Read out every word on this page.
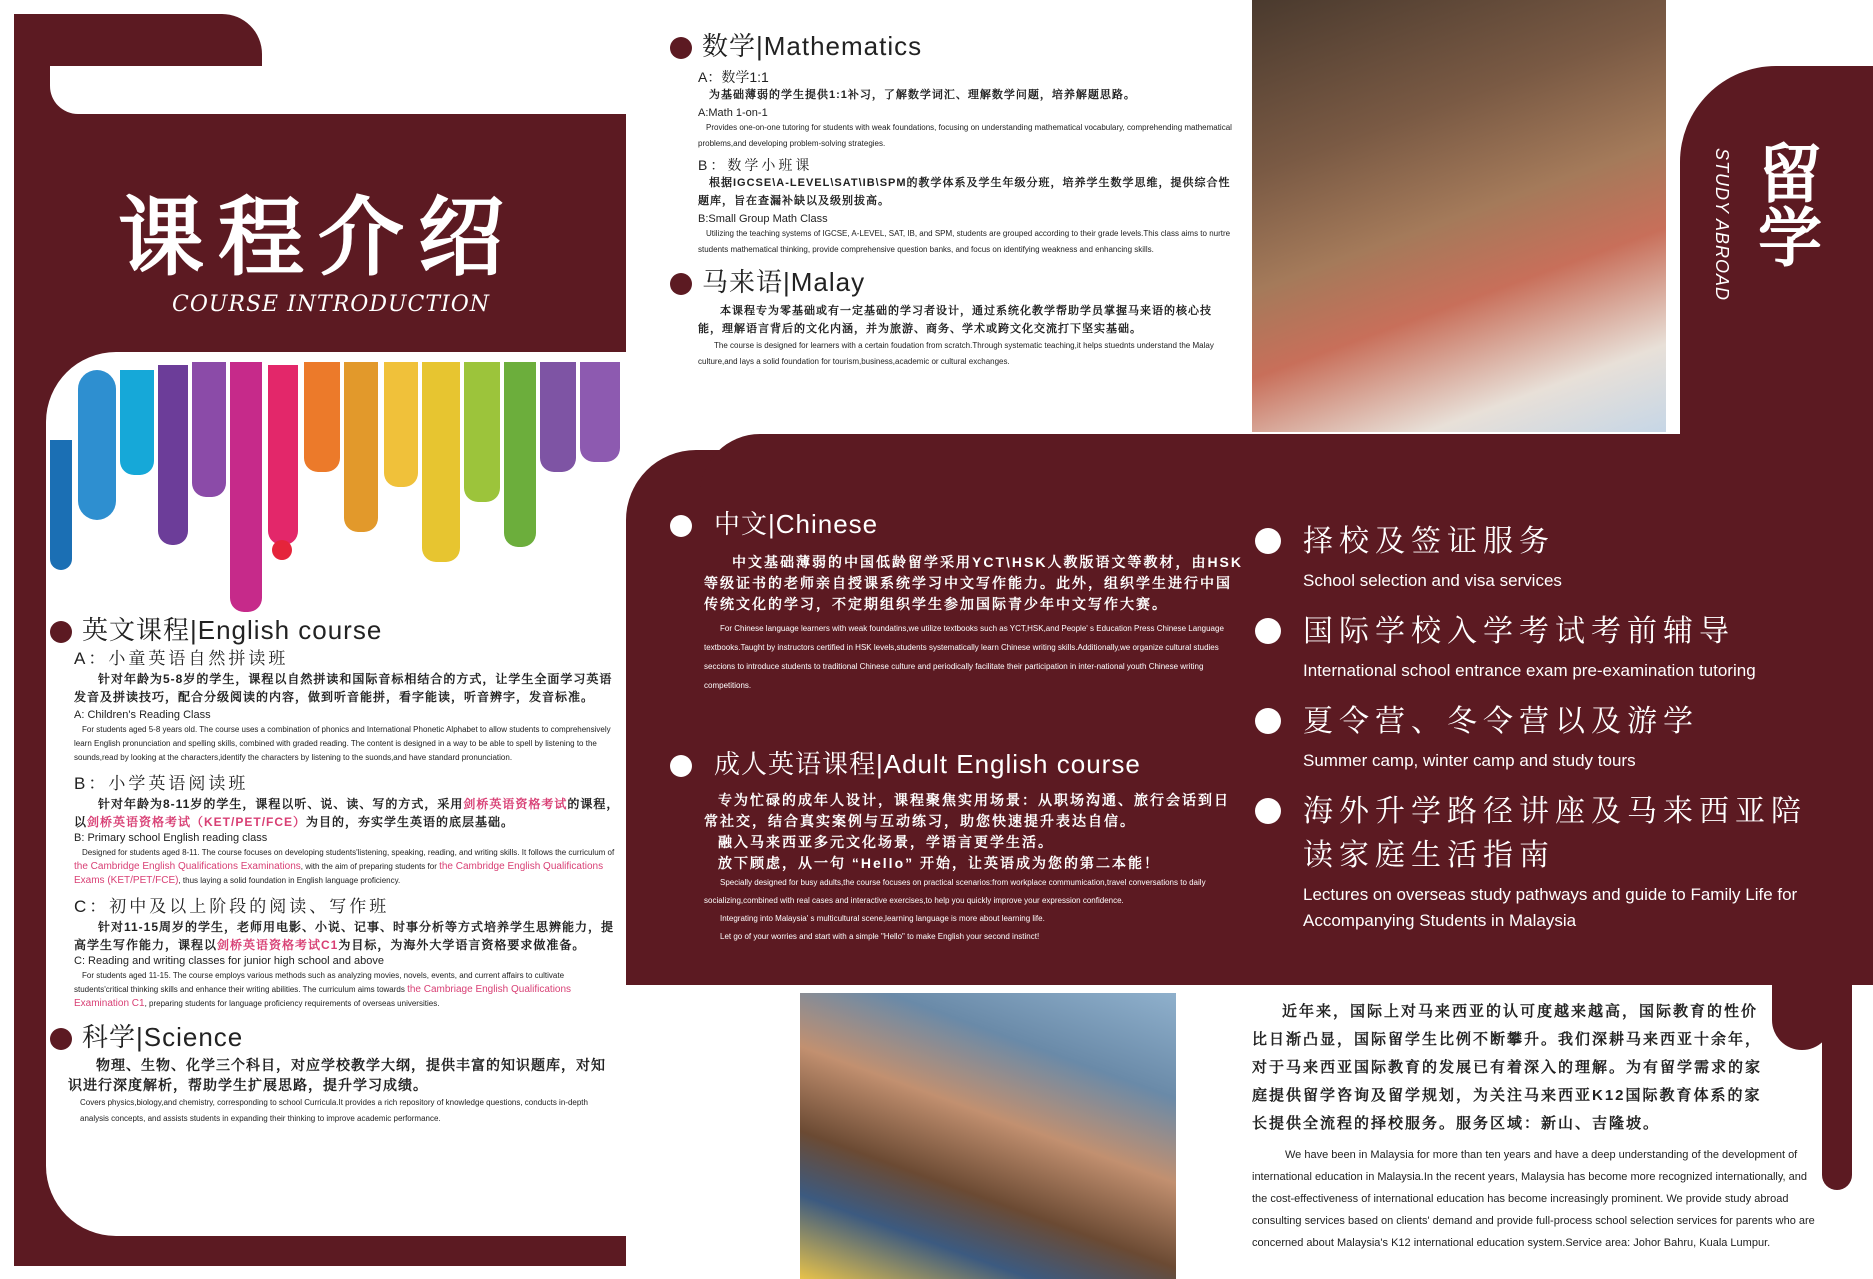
课程介绍
COURSE INTRODUCTION
英文课程|English course
A：小童英语自然拼读班
针对年龄为5-8岁的学生，课程以自然拼读和国际音标相结合的方式，让学生全面学习英语发音及拼读技巧，配合分级阅读的内容，做到听音能拼，看字能读，听音辨字，发音标准。
A: Children's Reading Class
For students aged 5-8 years old. The course uses a combination of phonics and International Phonetic Alphabet to allow students to comprehensively learn English pronunciation and spelling skills, combined with graded reading. The content is designed in a way to be able to spell by listening to the sounds,read by looking at the characters,identify the characters by listening to the suonds,and have standard pronunciation.
B：小学英语阅读班
针对年龄为8-11岁的学生，课程以听、说、读、写的方式，采用剑桥英语资格考试的课程，以剑桥英语资格考试（KET/PET/FCE）为目的，夯实学生英语的底层基础。
B: Primary school English reading class
Designed for students aged 8-11. The course focuses on developing students'listening, speaking, reading, and writing skills. It follows the curriculum of the Cambridge English Qualifications Examinations, with the aim of preparing students for the Cambridge English Qualifications Exams (KET/PET/FCE), thus laying a solid foundation in English language proficiency.
C：初中及以上阶段的阅读、写作班
针对11-15周岁的学生，老师用电影、小说、记事、时事分析等方式培养学生思辨能力，提高学生写作能力，课程以剑桥英语资格考试C1为目标，为海外大学语言资格要求做准备。
C: Reading and writing classes for junior high school and above
For students aged 11-15. The course employs various methods such as analyzing movies, novels, events, and current affairs to cultivate students'critical thinking skills and enhance their writing abilities. The curriculum aims towards the Cambriage English Qualifications Examination C1, preparing students for language proficiency requirements of overseas universities.
科学|Science
物理、生物、化学三个科目，对应学校教学大纲，提供丰富的知识题库，对知识进行深度解析，帮助学生扩展思路，提升学习成绩。
Covers physics,biology,and chemistry, corresponding to school Curricula.It provides a rich repository of knowledge questions, conducts in-depth analysis concepts, and assists students in expanding their thinking to improve academic performance.
数学|Mathematics
A：数学1:1
为基础薄弱的学生提供1:1补习，了解数学词汇、理解数学问题，培养解题思路。
A:Math 1-on-1
Provides one-on-one tutoring for students with weak foundations, focusing on understanding mathematical vocabulary, comprehending mathematical problems,and developing problem-solving strategies.
B：数学小班课
根据IGCSE\A-LEVEL\SAT\IB\SPM的教学体系及学生年级分班，培养学生数学思维，提供综合性题库，旨在查漏补缺以及级别拔高。
B:Small Group Math Class
Utilizing the teaching systems of IGCSE, A-LEVEL, SAT, IB, and SPM, students are grouped according to their grade levels.This class aims to nurtre students mathematical thinking, provide comprehensive question banks, and focus on identifying weakness and enhancing skills.
马来语|Malay
本课程专为零基础或有一定基础的学习者设计，通过系统化教学帮助学员掌握马来语的核心技能，理解语言背后的文化内涵，并为旅游、商务、学术或跨文化交流打下坚实基础。
The course is designed for learners with a certain foudation from scratch.Through systematic teaching,it helps stuednts understand the Malay culture,and lays a solid foundation for tourism,business,academic or cultural exchanges.
留学
STUDY ABROAD
中文|Chinese
中文基础薄弱的中国低龄留学采用YCT\HSK人教版语文等教材，由HSK等级证书的老师亲自授课系统学习中文写作能力。此外，组织学生进行中国传统文化的学习，不定期组织学生参加国际青少年中文写作大赛。
For Chinese language learners with weak foundatins,we utilize textbooks such as YCT,HSK,and People' s Education Press Chinese Language textbooks.Taught by instructors certified in HSK levels,students systematically learn Chinese writing skills.Additionally,we organize cultural studies seccions to introduce students to traditional Chinese culture and periodically facilitate their participation in inter-national youth Chinese writing competitions.
成人英语课程|Adult English course
专为忙碌的成年人设计，课程聚焦实用场景：从职场沟通、旅行会话到日常社交，结合真实案例与互动练习，助您快速提升表达自信。
融入马来西亚多元文化场景，学语言更学生活。
放下顾虑，从一句 “Hello” 开始，让英语成为您的第二本能！
Specially designed for busy adults,the course focuses on practical scenarios:from workplace commumication,travel conversations to daily socializing,combined with real cases and interactive exercises,to help you quickly improve your expression confidence.
Integrating into Malaysia' s multicultural scene,learning language is more about learning life.
Let go of your worries and start with a simple "Hello" to make English your second instinct!
择校及签证服务
School selection and visa services
国际学校入学考试考前辅导
International school entrance exam pre-examination tutoring
夏令营、冬令营以及游学
Summer camp, winter camp and study tours
海外升学路径讲座及马来西亚陪读家庭生活指南
Lectures on overseas study pathways and guide to Family Life for Accompanying Students in Malaysia
近年来，国际上对马来西亚的认可度越来越高，国际教育的性价比日渐凸显，国际留学生比例不断攀升。我们深耕马来西亚十余年，对于马来西亚国际教育的发展已有着深入的理解。为有留学需求的家庭提供留学咨询及留学规划，为关注马来西亚K12国际教育体系的家长提供全流程的择校服务。服务区域：新山、吉隆坡。
We have been in Malaysia for more than ten years and have a deep understanding of the development of international education in Malaysia.In the recent years, Malaysia has become more recognized internationally, and the cost-effectiveness of international education has become increasingly prominent. We provide study abroad consulting services based on clients' demand and provide full-process school selection services for parents who are concerned about Malaysia's K12 international education system.Service area: Johor Bahru, Kuala Lumpur.
